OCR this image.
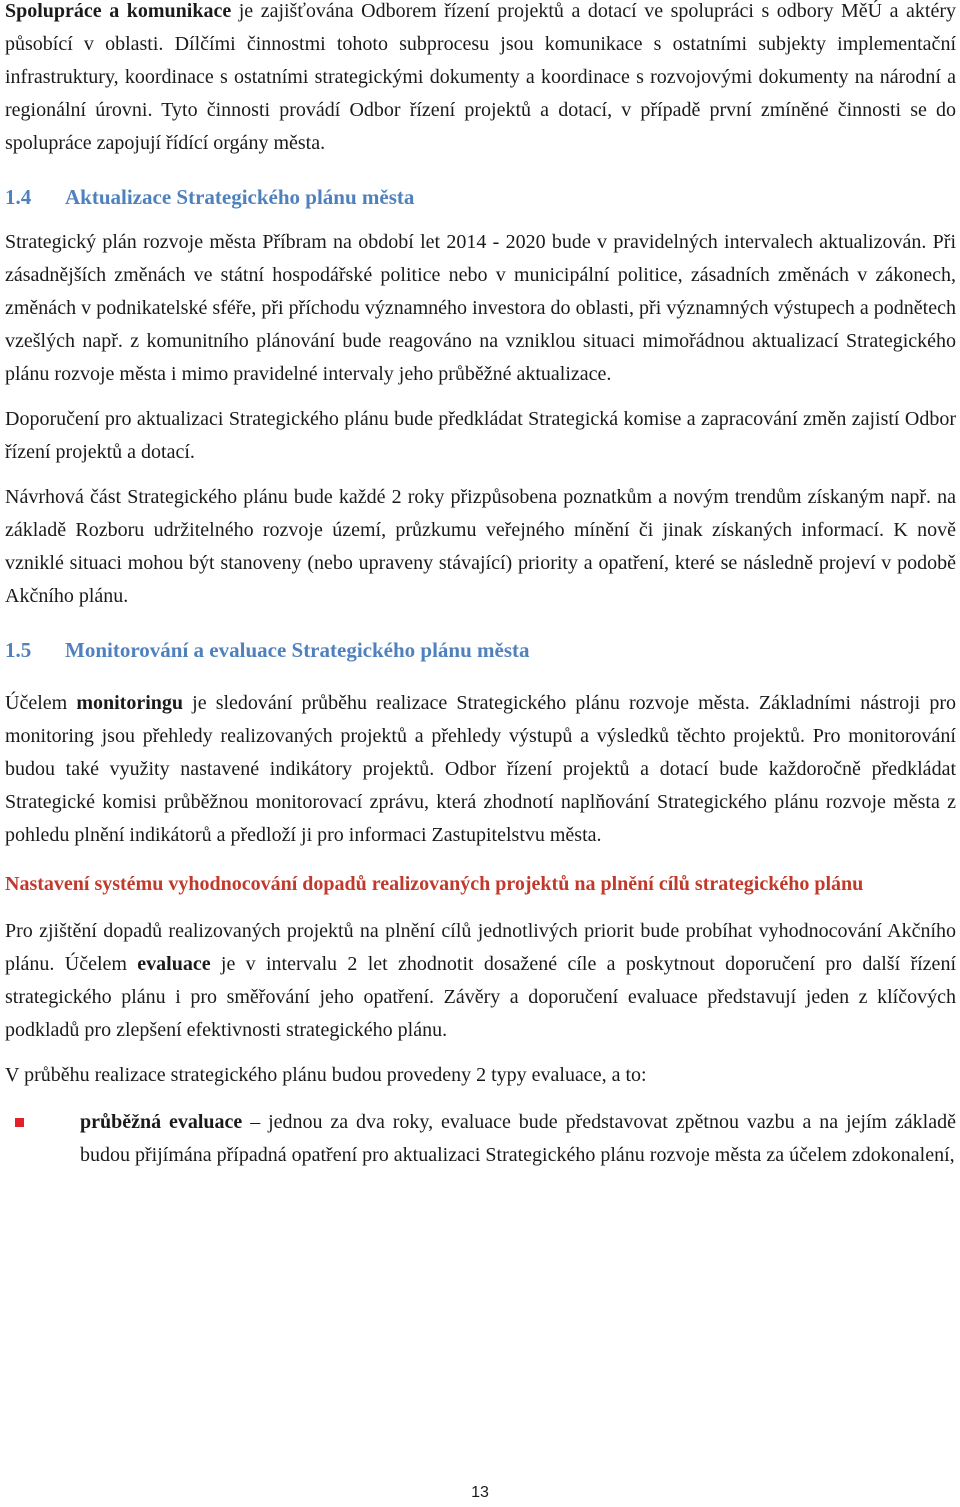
Spolupráce a komunikace je zajišťována Odborem řízení projektů a dotací ve spolupráci s odbory MěÚ a aktéry působící v oblasti. Dílčími činnostmi tohoto subprocesu jsou komunikace s ostatními subjekty implementační infrastruktury, koordinace s ostatními strategickými dokumenty a koordinace s rozvojovými dokumenty na národní a regionální úrovni. Tyto činnosti provádí Odbor řízení projektů a dotací, v případě první zmíněné činnosti se do spolupráce zapojují řídící orgány města.

1.4	Aktualizace Strategického plánu města

Strategický plán rozvoje města Příbram na období let 2014 - 2020 bude v pravidelných intervalech aktualizován. Při zásadnějších změnách ve státní hospodářské politice nebo v municipální politice, zásadních změnách v zákonech, změnách v podnikatelské sféře, při příchodu významného investora do oblasti, při významných výstupech a podnětech vzešlých např. z komunitního plánování bude reagováno na vzniklou situaci mimořádnou aktualizací Strategického plánu rozvoje města i mimo pravidelné intervaly jeho průběžné aktualizace.

Doporučení pro aktualizaci Strategického plánu bude předkládat Strategická komise a zapracování změn zajistí Odbor řízení projektů a dotací.

Návrhová část Strategického plánu bude každé 2 roky přizpůsobena poznatkům a novým trendům získaným např. na základě Rozboru udržitelného rozvoje území, průzkumu veřejného mínění či jinak získaných informací. K nově vzniklé situaci mohou být stanoveny (nebo upraveny stávající) priority a opatření, které se následně projeví v podobě Akčního plánu.

1.5	Monitorování a evaluace Strategického plánu města

Účelem monitoringu je sledování průběhu realizace Strategického plánu rozvoje města. Základními nástroji pro monitoring jsou přehledy realizovaných projektů a přehledy výstupů a výsledků těchto projektů. Pro monitorování budou také využity nastavené indikátory projektů. Odbor řízení projektů a dotací bude každoročně předkládat Strategické komisi průběžnou monitorovací zprávu, která zhodnotí naplňování Strategického plánu rozvoje města z pohledu plnění indikátorů a předloží ji pro informaci Zastupitelstvu města.

Nastavení systému vyhodnocování dopadů realizovaných projektů na plnění cílů strategického plánu

Pro zjištění dopadů realizovaných projektů na plnění cílů jednotlivých priorit bude probíhat vyhodnocování Akčního plánu. Účelem evaluace je v intervalu 2 let zhodnotit dosažené cíle a poskytnout doporučení pro další řízení strategického plánu i pro směřování jeho opatření. Závěry a doporučení evaluace představují jeden z klíčových podkladů pro zlepšení efektivnosti strategického plánu.

V průběhu realizace strategického plánu budou provedeny 2 typy evaluace, a to:

průběžná evaluace – jednou za dva roky, evaluace bude představovat zpětnou vazbu a na jejím základě budou přijímána případná opatření pro aktualizaci Strategického plánu rozvoje města za účelem zdokonalení,
13
